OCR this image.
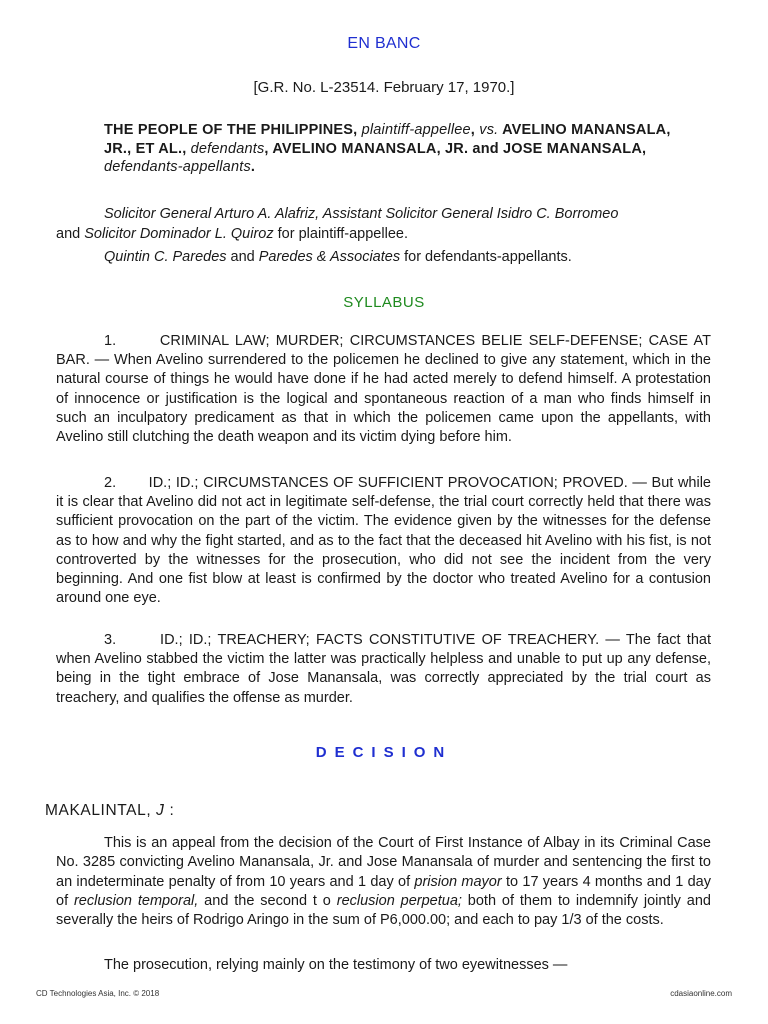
EN BANC
[G.R. No. L-23514. February 17, 1970.]
THE PEOPLE OF THE PHILIPPINES, plaintiff-appellee, vs. AVELINO MANANSALA, JR., ET AL., defendants, AVELINO MANANSALA, JR. and JOSE MANANSALA, defendants-appellants.
Solicitor General Arturo A. Alafriz, Assistant Solicitor General Isidro C. Borromeo
and Solicitor Dominador L. Quiroz for plaintiff-appellee.
Quintin C. Paredes and Paredes & Associates for defendants-appellants.
SYLLABUS

1.       CRIMINAL LAW; MURDER; CIRCUMSTANCES BELIE SELF-DEFENSE; CASE AT BAR. — When Avelino surrendered to the policemen he declined to give any statement, which in the natural course of things he would have done if he had acted merely to defend himself. A protestation of innocence or justification is the logical and spontaneous reaction of a man who finds himself in such an inculpatory predicament as that in which the policemen came upon the appellants, with Avelino still clutching the death weapon and its victim dying before him.

2.       ID.; ID.; CIRCUMSTANCES OF SUFFICIENT PROVOCATION; PROVED. — But while it is clear that Avelino did not act in legitimate self-defense, the trial court correctly held that there was sufficient provocation on the part of the victim. The evidence given by the witnesses for the defense as to how and why the fight started, and as to the fact that the deceased hit Avelino with his fist, is not controverted by the witnesses for the prosecution, who did not see the incident from the very beginning. And one fist blow at least is confirmed by the doctor who treated Avelino for a contusion around one eye.

3.       ID.; ID.; TREACHERY; FACTS CONSTITUTIVE OF TREACHERY. — The fact that when Avelino stabbed the victim the latter was practically helpless and unable to put up any defense, being in the tight embrace of Jose Manansala, was correctly appreciated by the trial court as treachery, and qualifies the offense as murder.

DECISION
MAKALINTAL, J :

This is an appeal from the decision of the Court of First Instance of Albay in its Criminal Case No. 3285 convicting Avelino Manansala, Jr. and Jose Manansala of murder and sentencing the first to an indeterminate penalty of from 10 years and 1 day of prision mayor to 17 years 4 months and 1 day of reclusion temporal, and the second t o reclusion perpetua; both of them to indemnify jointly and severally the heirs of Rodrigo Aringo in the sum of P6,000.00; and each to pay 1/3 of the costs.

The prosecution, relying mainly on the testimony of two eyewitnesses —

CD Technologies Asia, Inc. © 2018	cdasiaonline.com
